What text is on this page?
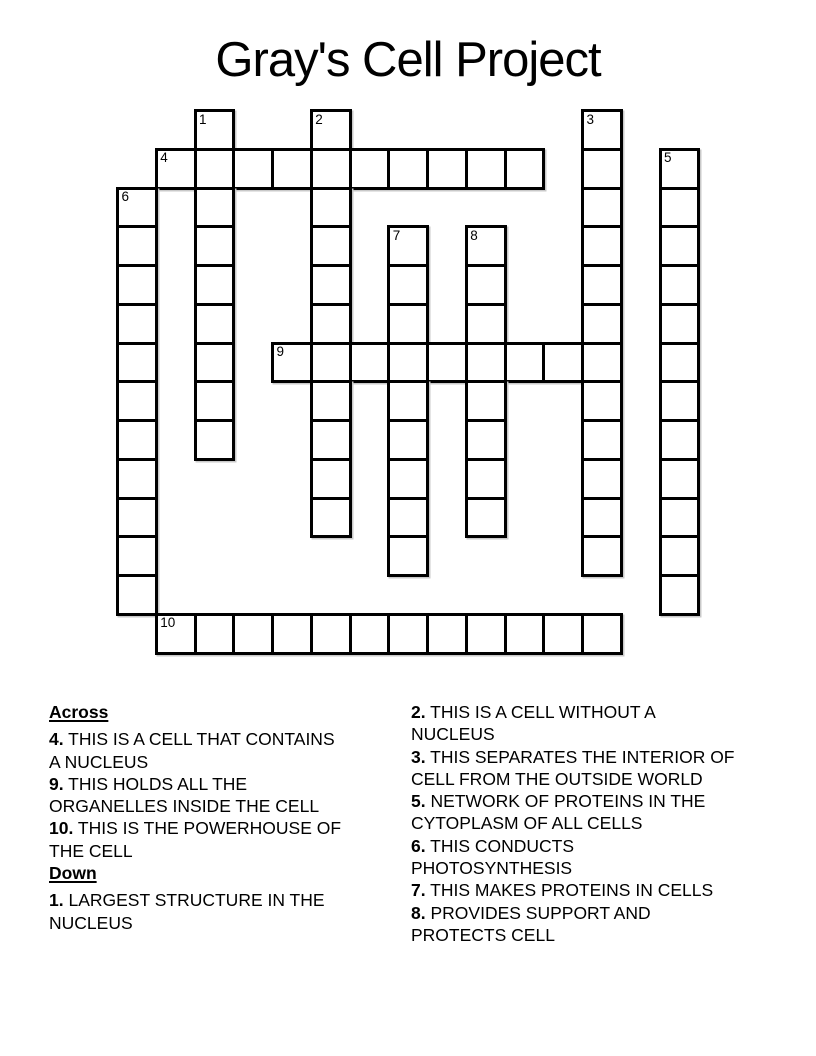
Gray's Cell Project
1	2	3
4	5
6
7	8
9
10
Across
4. THIS IS A CELL THAT CONTAINS A NUCLEUS
9. THIS HOLDS ALL THE ORGANELLES INSIDE THE CELL
10. THIS IS THE POWERHOUSE OF THE CELL
Down
1. LARGEST STRUCTURE IN THE NUCLEUS
2. THIS IS A CELL WITHOUT A NUCLEUS
3. THIS SEPARATES THE INTERIOR OF CELL FROM THE OUTSIDE WORLD
5. NETWORK OF PROTEINS IN THE CYTOPLASM OF ALL CELLS
6. THIS CONDUCTS PHOTOSYNTHESIS
7. THIS MAKES PROTEINS IN CELLS
8. PROVIDES SUPPORT AND PROTECTS CELL
